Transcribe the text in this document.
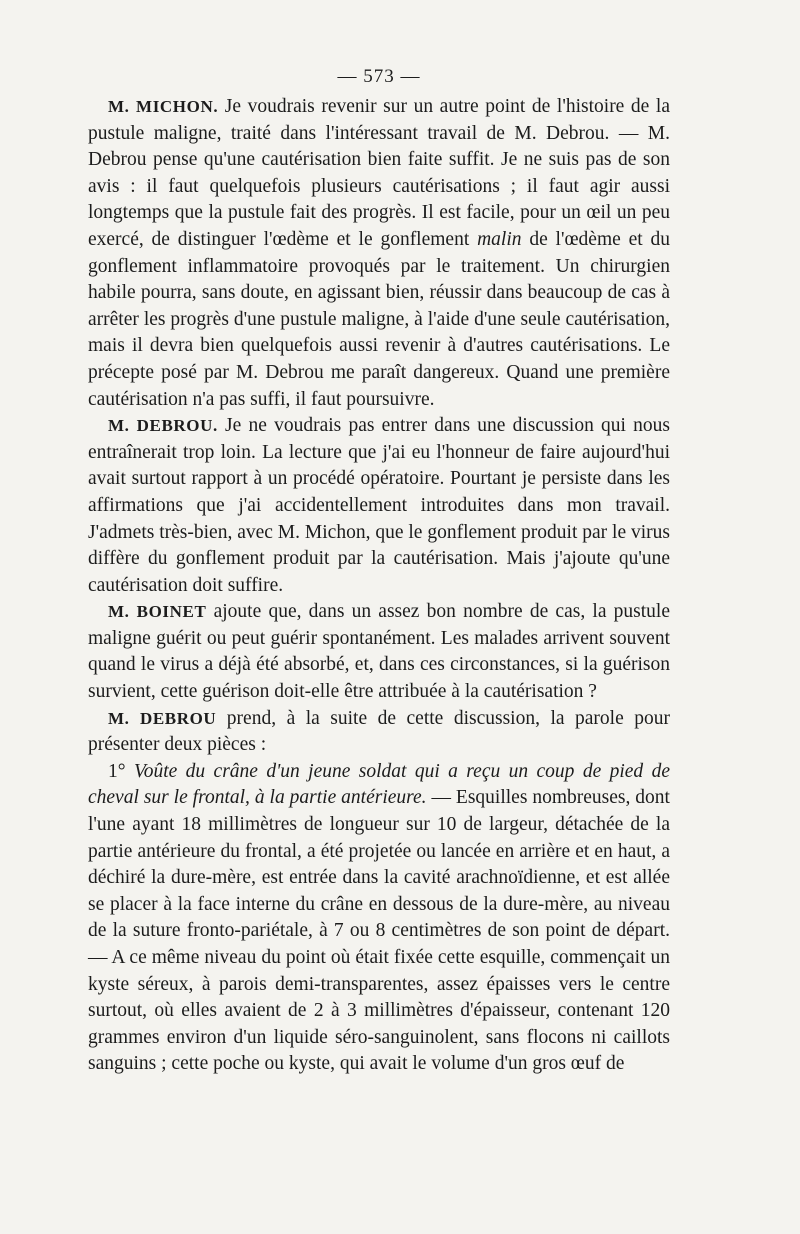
— 573 —

M. MICHON. Je voudrais revenir sur un autre point de l'histoire de la pustule maligne, traité dans l'intéressant travail de M. Debrou. — M. Debrou pense qu'une cautérisation bien faite suffit. Je ne suis pas de son avis : il faut quelquefois plusieurs cautérisations ; il faut agir aussi longtemps que la pustule fait des progrès. Il est facile, pour un œil un peu exercé, de distinguer l'œdème et le gonflement malin de l'œdème et du gonflement inflammatoire provoqués par le traitement. Un chirurgien habile pourra, sans doute, en agissant bien, réussir dans beaucoup de cas à arrêter les progrès d'une pustule maligne, à l'aide d'une seule cautérisation, mais il devra bien quelquefois aussi revenir à d'autres cautérisations. Le précepte posé par M. Debrou me paraît dangereux. Quand une première cautérisation n'a pas suffi, il faut poursuivre.

M. DEBROU. Je ne voudrais pas entrer dans une discussion qui nous entraînerait trop loin. La lecture que j'ai eu l'honneur de faire aujourd'hui avait surtout rapport à un procédé opératoire. Pourtant je persiste dans les affirmations que j'ai accidentellement introduites dans mon travail. J'admets très-bien, avec M. Michon, que le gonflement produit par le virus diffère du gonflement produit par la cautérisation. Mais j'ajoute qu'une cautérisation doit suffire.

M. BOINET ajoute que, dans un assez bon nombre de cas, la pustule maligne guérit ou peut guérir spontanément. Les malades arrivent souvent quand le virus a déjà été absorbé, et, dans ces circonstances, si la guérison survient, cette guérison doit-elle être attribuée à la cautérisation ?

M. DEBROU prend, à la suite de cette discussion, la parole pour présenter deux pièces :

1° Voûte du crâne d'un jeune soldat qui a reçu un coup de pied de cheval sur le frontal, à la partie antérieure. — Esquilles nombreuses, dont l'une ayant 18 millimètres de longueur sur 10 de largeur, détachée de la partie antérieure du frontal, a été projetée ou lancée en arrière et en haut, a déchiré la dure-mère, est entrée dans la cavité arachnoïdienne, et est allée se placer à la face interne du crâne en dessous de la dure-mère, au niveau de la suture fronto-pariétale, à 7 ou 8 centimètres de son point de départ. — A ce même niveau du point où était fixée cette esquille, commençait un kyste séreux, à parois demi-transparentes, assez épaisses vers le centre surtout, où elles avaient de 2 à 3 millimètres d'épaisseur, contenant 120 grammes environ d'un liquide séro-sanguinolent, sans flocons ni caillots sanguins ; cette poche ou kyste, qui avait le volume d'un gros œuf de
